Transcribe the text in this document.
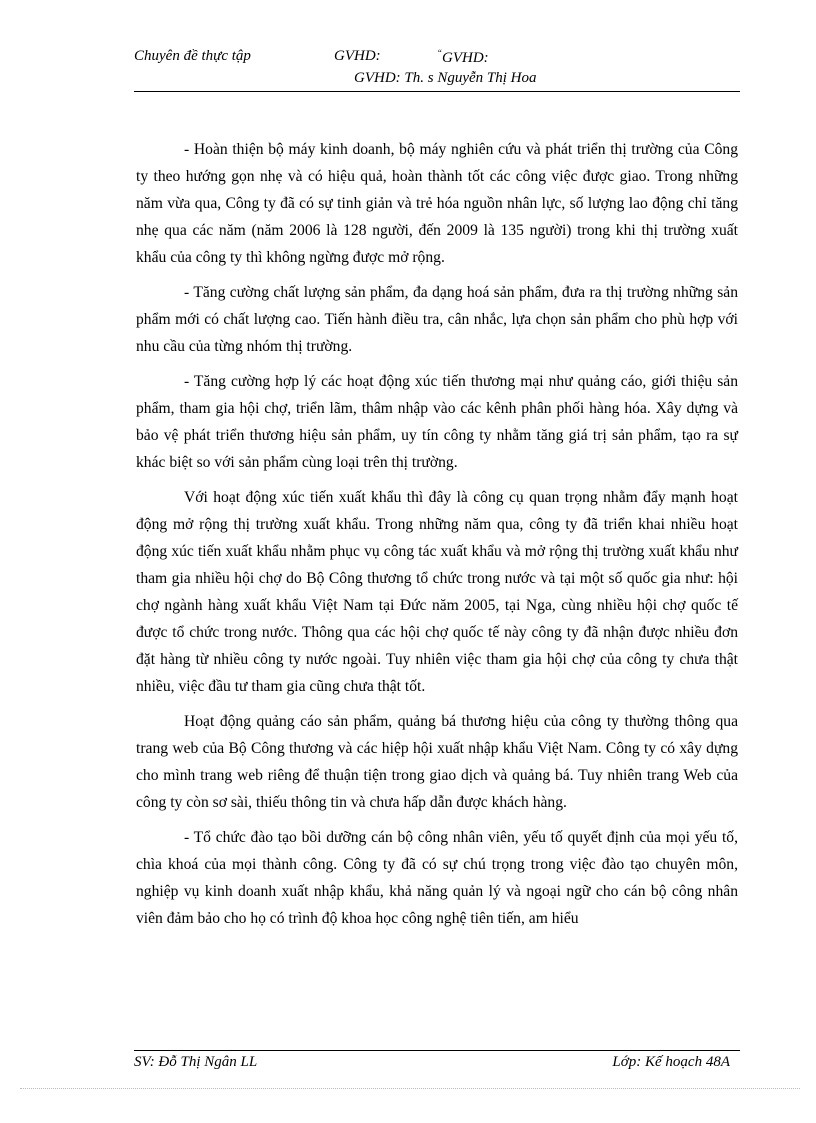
Chuyên đề thực tập	GVHD:	“GVHD:
GVHD: Th. s Nguyễn Thị Hoa

- Hoàn thiện bộ máy kinh doanh, bộ máy nghiên cứu và phát triển thị trường của Công ty theo hướng gọn nhẹ và có hiệu quả, hoàn thành tốt các công việc được giao. Trong những năm vừa qua, Công ty đã có sự tinh giản và trẻ hóa nguồn nhân lực, số lượng lao động chỉ tăng nhẹ qua các năm (năm 2006 là 128 người, đến 2009 là 135 người) trong khi thị trường xuất khẩu của công ty thì không ngừng được mở rộng.

- Tăng cường chất lượng sản phẩm, đa dạng hoá sản phẩm, đưa ra thị trường những sản phẩm mới có chất lượng cao. Tiến hành điều tra, cân nhắc, lựa chọn sản phẩm cho phù hợp với nhu cầu của từng nhóm thị trường.

- Tăng cường hợp lý các hoạt động xúc tiến thương mại như quảng cáo, giới thiệu sản phẩm, tham gia hội chợ, triển lãm, thâm nhập vào các kênh phân phối hàng hóa. Xây dựng và bảo vệ phát triển thương hiệu sản phẩm, uy tín công ty nhằm tăng giá trị sản phẩm, tạo ra sự khác biệt so với sản phẩm cùng loại trên thị trường.

Với hoạt động xúc tiến xuất khẩu thì đây là công cụ quan trọng nhằm đẩy mạnh hoạt động mở rộng thị trường xuất khẩu. Trong những năm qua, công ty đã triển khai nhiều hoạt động xúc tiến xuất khẩu nhằm phục vụ công tác xuất khẩu và mở rộng thị trường xuất khẩu như tham gia nhiều hội chợ do Bộ Công thương tổ chức trong nước và tại một số quốc gia như: hội chợ ngành hàng xuất khẩu Việt Nam tại Đức năm 2005, tại Nga, cùng nhiều hội chợ quốc tế được tổ chức trong nước. Thông qua các hội chợ quốc tế này công ty đã nhận được nhiều đơn đặt hàng từ nhiều công ty nước ngoài. Tuy nhiên việc tham gia hội chợ của công ty chưa thật nhiều, việc đầu tư tham gia cũng chưa thật tốt.

Hoạt động quảng cáo sản phẩm, quảng bá thương hiệu của công ty thường thông qua trang web của Bộ Công thương và các hiệp hội xuất nhập khẩu Việt Nam. Công ty có xây dựng cho mình trang web riêng để thuận tiện trong giao dịch và quảng bá. Tuy nhiên trang Web của công ty còn sơ sài, thiếu thông tin và chưa hấp dẫn được khách hàng.

- Tổ chức đào tạo bồi dưỡng cán bộ công nhân viên, yếu tố quyết định của mọi yếu tố, chìa khoá của mọi thành công. Công ty đã có sự chú trọng trong việc đào tạo chuyên môn, nghiệp vụ kinh doanh xuất nhập khẩu, khả năng quản lý và ngoại ngữ cho cán bộ công nhân viên đảm bảo cho họ có trình độ khoa học công nghệ tiên tiến, am hiểu

SV: Đỗ Thị Ngân LL	Lớp: Kế hoạch 48A
